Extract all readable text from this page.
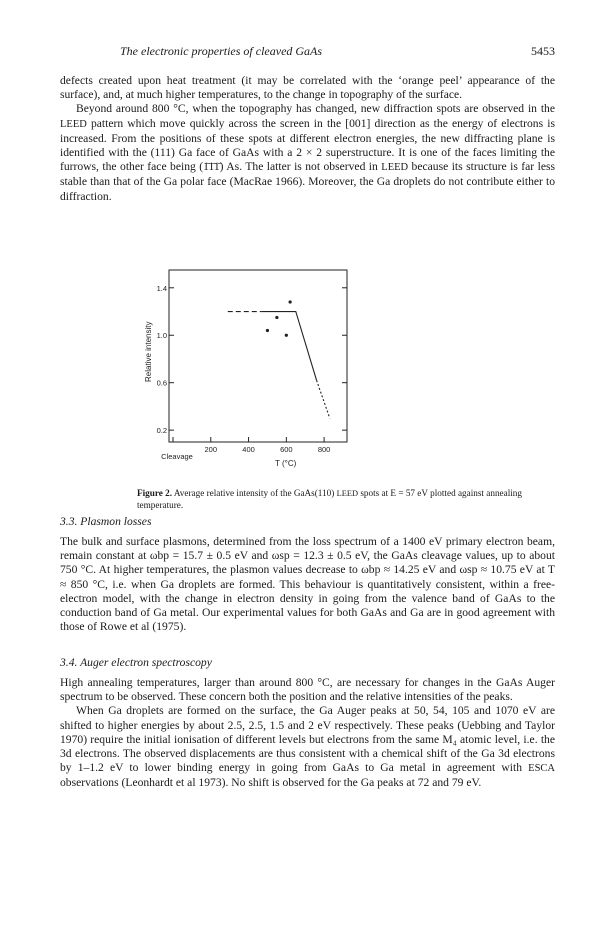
The electronic properties of cleaved GaAs	5453

defects created upon heat treatment (it may be correlated with the ‘orange peel’ appearance of the surface), and, at much higher temperatures, to the change in topography of the surface.

Beyond around 800 °C, when the topography has changed, new diffraction spots are observed in the LEED pattern which move quickly across the screen in the [001] direction as the energy of electrons is increased. From the positions of these spots at different electron energies, the new diffracting plane is identified with the (111) Ga face of GaAs with a 2 × 2 superstructure. It is one of the faces limiting the furrows, the other face being (1̄1̄1̄) As. The latter is not observed in LEED because its structure is far less stable than that of the Ga polar face (MacRae 1966). Moreover, the Ga droplets do not contribute either to diffraction.

0.2
0.6
1.0
1.4
Cleavage
200	400	600	800
Relative intensity
T (°C)
Figure 2. Average relative intensity of the GaAs(110) LEED spots at E = 57 eV plotted against annealing temperature.
3.3. Plasmon losses

The bulk and surface plasmons, determined from the loss spectrum of a 1400 eV primary electron beam, remain constant at ωbp = 15.7 ± 0.5 eV and ωsp = 12.3 ± 0.5 eV, the GaAs cleavage values, up to about 750 °C. At higher temperatures, the plasmon values decrease to ωbp ≈ 14.25 eV and ωsp ≈ 10.75 eV at T ≈ 850 °C, i.e. when Ga droplets are formed. This behaviour is quantitatively consistent, within a free-electron model, with the change in electron density in going from the valence band of GaAs to the conduction band of Ga metal. Our experimental values for both GaAs and Ga are in good agreement with those of Rowe et al (1975).

3.4. Auger electron spectroscopy

High annealing temperatures, larger than around 800 °C, are necessary for changes in the GaAs Auger spectrum to be observed. These concern both the position and the relative intensities of the peaks.

When Ga droplets are formed on the surface, the Ga Auger peaks at 50, 54, 105 and 1070 eV are shifted to higher energies by about 2.5, 2.5, 1.5 and 2 eV respectively. These peaks (Uebbing and Taylor 1970) require the initial ionisation of different levels but electrons from the same M₄ atomic level, i.e. the 3d electrons. The observed displacements are thus consistent with a chemical shift of the Ga 3d electrons by 1–1.2 eV to lower binding energy in going from GaAs to Ga metal in agreement with ESCA observations (Leonhardt et al 1973). No shift is observed for the Ga peaks at 72 and 79 eV.
